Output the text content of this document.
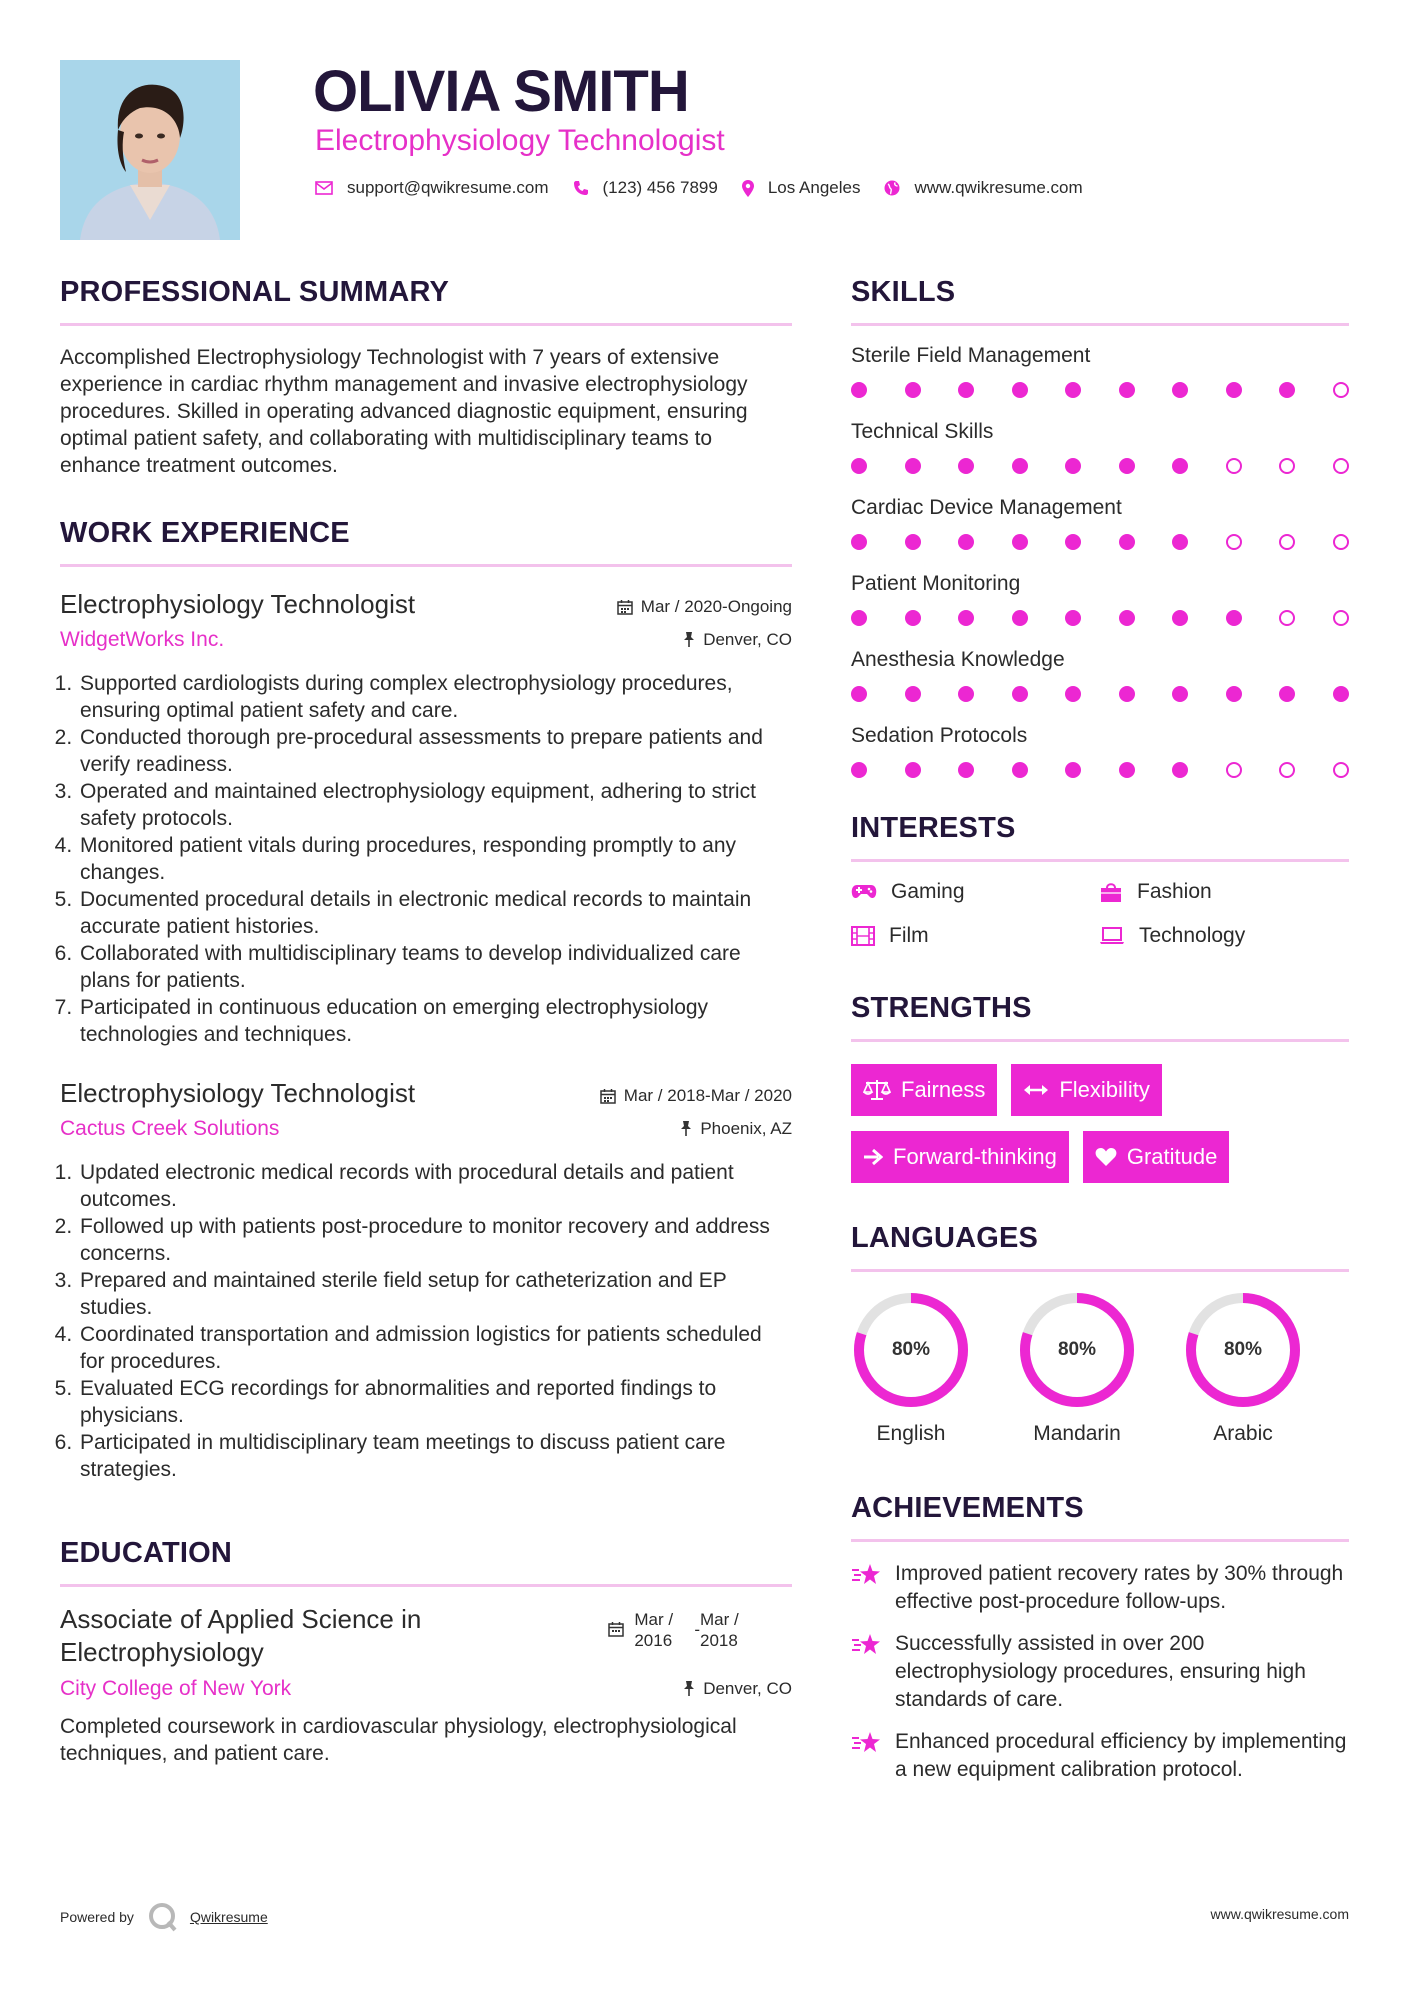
OLIVIA SMITH
Electrophysiology Technologist
support@qwikresume.com	(123) 456 7899	Los Angeles	www.qwikresume.com
PROFESSIONAL SUMMARY

Accomplished Electrophysiology Technologist with 7 years of extensive experience in cardiac rhythm management and invasive electrophysiology procedures. Skilled in operating advanced diagnostic equipment, ensuring optimal patient safety, and collaborating with multidisciplinary teams to enhance treatment outcomes.

WORK EXPERIENCE
Electrophysiology Technologist	Mar / 2020-Ongoing
WidgetWorks Inc.	Denver, CO
1. Supported cardiologists during complex electrophysiology procedures, ensuring optimal patient safety and care.
2. Conducted thorough pre-procedural assessments to prepare patients and verify readiness.
3. Operated and maintained electrophysiology equipment, adhering to strict safety protocols.
4. Monitored patient vitals during procedures, responding promptly to any changes.
5. Documented procedural details in electronic medical records to maintain accurate patient histories.
6. Collaborated with multidisciplinary teams to develop individualized care plans for patients.
7. Participated in continuous education on emerging electrophysiology technologies and techniques.
Electrophysiology Technologist	Mar / 2018-Mar / 2020
Cactus Creek Solutions	Phoenix, AZ
1. Updated electronic medical records with procedural details and patient outcomes.
2. Followed up with patients post-procedure to monitor recovery and address concerns.
3. Prepared and maintained sterile field setup for catheterization and EP studies.
4. Coordinated transportation and admission logistics for patients scheduled for procedures.
5. Evaluated ECG recordings for abnormalities and reported findings to physicians.
6. Participated in multidisciplinary team meetings to discuss patient care strategies.
EDUCATION
Associate of Applied Science in Electrophysiology
Mar / 2016
-
Mar / 2018
City College of New York	Denver, CO

Completed coursework in cardiovascular physiology, electrophysiological techniques, and patient care.

SKILLS
Sterile Field Management
Technical Skills
Cardiac Device Management
Patient Monitoring
Anesthesia Knowledge
Sedation Protocols
INTERESTS
Gaming	Fashion
Film	Technology
STRENGTHS
Fairness	Flexibility
Forward-thinking	Gratitude
LANGUAGES
80%
English
80%
Mandarin
80%
Arabic
ACHIEVEMENTS
Improved patient recovery rates by 30% through effective post-procedure follow-ups.
Successfully assisted in over 200 electrophysiology procedures, ensuring high standards of care.
Enhanced procedural efficiency by implementing a new equipment calibration protocol.
Powered by	Qwikresume	www.qwikresume.com
